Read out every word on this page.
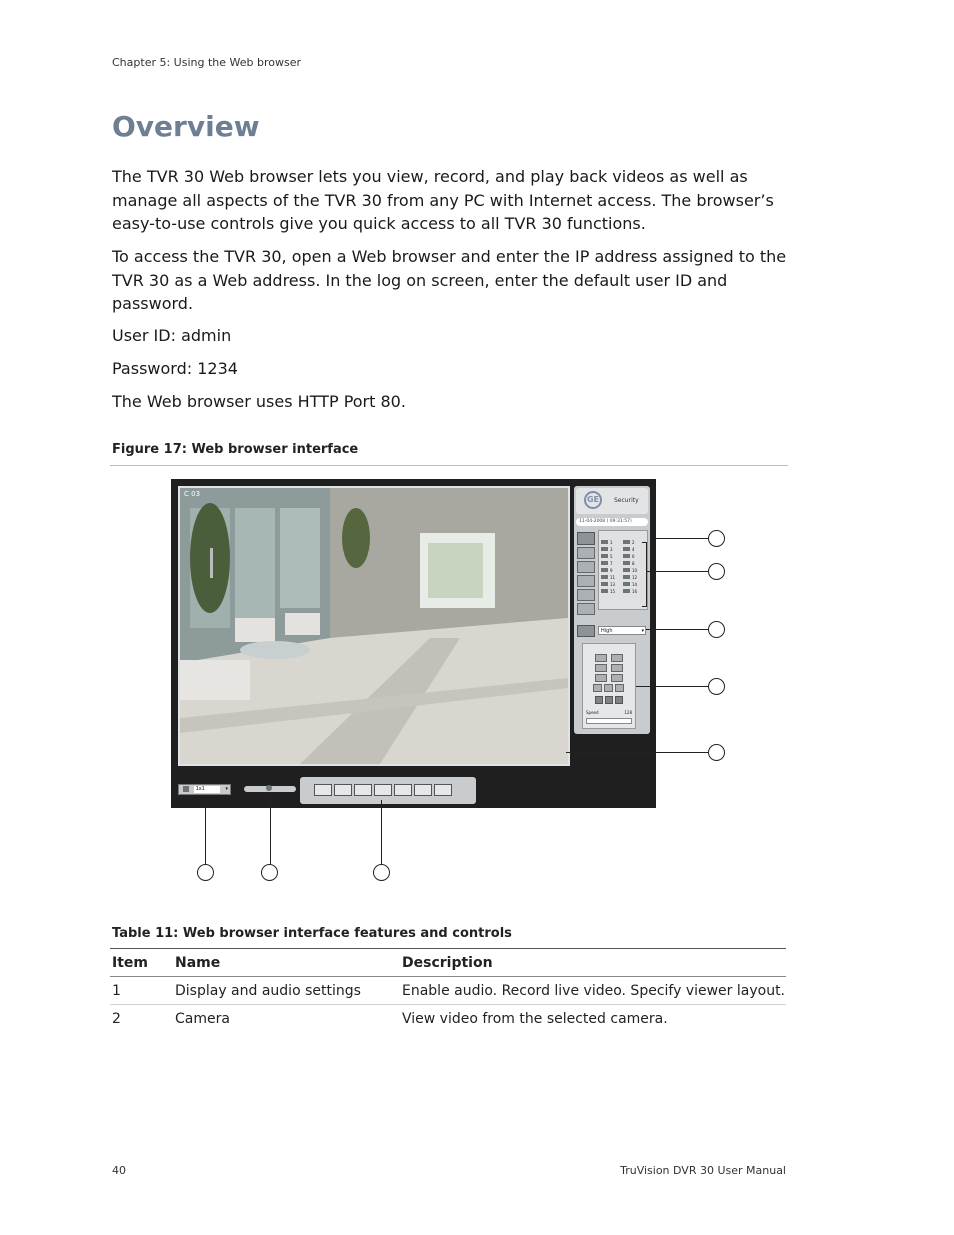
Chapter 5: Using the Web browser
Overview

The TVR 30 Web browser lets you view, record, and play back videos as well as manage all aspects of the TVR 30 from any PC with Internet access. The browser’s easy-to-use controls give you quick access to all TVR 30 functions.

To access the TVR 30, open a Web browser and enter the IP address assigned to the TVR 30 as a Web address. In the log on screen, enter the default user ID and password.

User ID: admin

Password: 1234

The Web browser uses HTTP Port 80.

Figure 17: Web browser interface
C 03
GE	Security
11-04-2008 ( 09:31:57)
1	2
3	4
5	6
7	8
9	10
11	12
13	14
15	16
High	▾
Speed	128
1x1	▾
Table 11: Web browser interface features and controls
Item	Name	Description
1	Display and audio settings	Enable audio. Record live video. Specify viewer layout.
2	Camera	View video from the selected camera.
40	TruVision DVR 30 User Manual
